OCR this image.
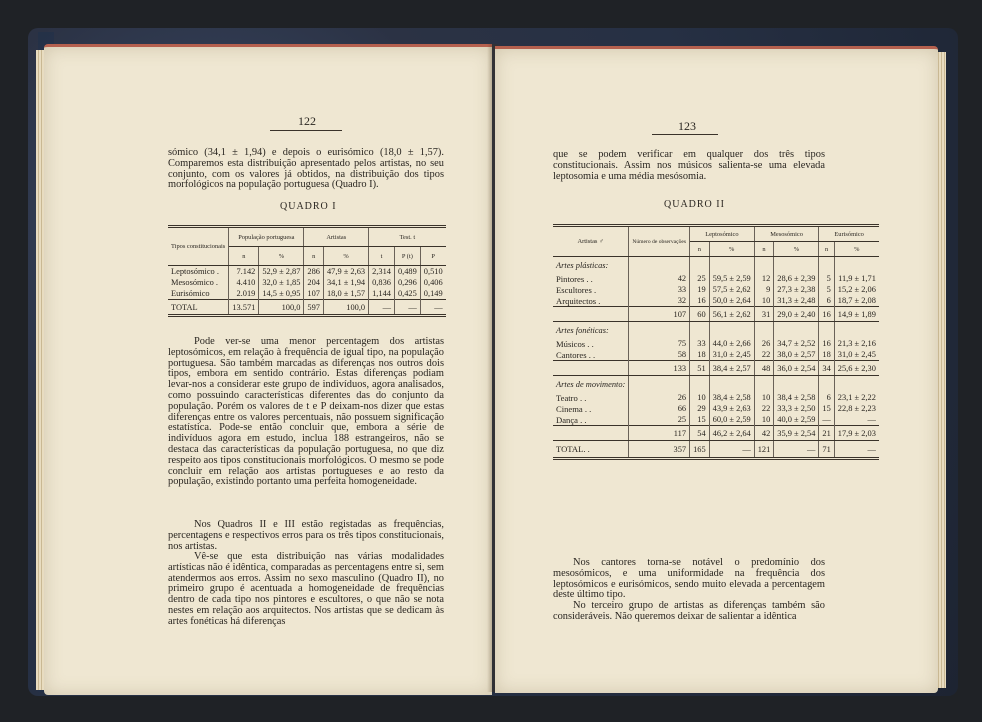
122
sómico (34,1 ± 1,94) e depois o eurisómico (18,0 ± 1,57). Comparemos esta distribuição apresentado pelos artistas, no seu conjunto, com os valores já obtidos, na distribuição dos tipos morfológicos na população portuguesa (Quadro I).
QUADRO I
Tipos constitucionais	População portuguesa		Artistas		Test. t		
	n	%	n	%	t	P (t)	P
Leptosómico .	7.142	52,9 ± 2,87	286	47,9 ± 2,63	2,314	0,489	0,510
Mesosómico .	4.410	32,0 ± 1,85	204	34,1 ± 1,94	0,836	0,296	0,406
Eurisómico	2.019	14,5 ± 0,95	107	18,0 ± 1,57	1,144	0,425	0,149
TOTAL	13.571	100,0	597	100,0	—	—	—
Pode ver-se uma menor percentagem dos artistas leptosómicos, em relação à frequência de igual tipo, na população portuguesa. São também marcadas as diferenças nos outros dois tipos, embora em sentido contrário. Estas diferenças podiam levar-nos a considerar este grupo de indivíduos, agora analisados, como possuindo características diferentes das do conjunto da população. Porém os valores de t e P deixam-nos dizer que estas diferenças entre os valores percentuais, não possuem significação estatística. Pode-se então concluir que, embora a série de indivíduos agora em estudo, inclua 188 estrangeiros, não se destaca das características da população portuguesa, no que diz respeito aos tipos constitucionais morfológicos. O mesmo se pode concluir em relação aos artistas portugueses e ao resto da população, existindo portanto uma perfeita homogeneidade.
Nos Quadros II e III estão registadas as frequências, percentagens e respectivos erros para os três tipos constitucionais, nos artistas.
Vê-se que esta distribuição nas várias modalidades artísticas não é idêntica, comparadas as percentagens entre si, sem atendermos aos erros. Assim no sexo masculino (Quadro II), no primeiro grupo é acentuada a homogeneidade de frequências dentro de cada tipo nos pintores e escultores, o que não se nota nestes em relação aos arquitectos. Nos artistas que se dedicam às artes fonéticas há diferenças
123
que se podem verificar em qualquer dos três tipos constitucionais. Assim nos músicos salienta-se uma elevada leptosomia e uma média mesósomia.
QUADRO II
Artistas ♂	Número de observações	Leptosómico		Mesosómico		Eurisómico	
		n	%	n	%	n	%
Artes plásticas:							
Pintores . .	42	25	59,5 ± 2,59	12	28,6 ± 2,39	5	11,9 ± 1,71
Escultores .	33	19	57,5 ± 2,62	9	27,3 ± 2,38	5	15,2 ± 2,06
Arquitectos .	32	16	50,0 ± 2,64	10	31,3 ± 2,48	6	18,7 ± 2,08
	107	60	56,1 ± 2,62	31	29,0 ± 2,40	16	14,9 ± 1,89
Artes fonéticas:							
Músicos . .	75	33	44,0 ± 2,66	26	34,7 ± 2,52	16	21,3 ± 2,16
Cantores . .	58	18	31,0 ± 2,45	22	38,0 ± 2,57	18	31,0 ± 2,45
	133	51	38,4 ± 2,57	48	36,0 ± 2,54	34	25,6 ± 2,30
Artes de movimento:							
Teatro . .	26	10	38,4 ± 2,58	10	38,4 ± 2,58	6	23,1 ± 2,22
Cinema . .	66	29	43,9 ± 2,63	22	33,3 ± 2,50	15	22,8 ± 2,23
Dança . .	25	15	60,0 ± 2,59	10	40,0 ± 2,59	—	—
	117	54	46,2 ± 2,64	42	35,9 ± 2,54	21	17,9 ± 2,03
TOTAL. .	357	165	—	121	—	71	—
Nos cantores torna-se notável o predomínio dos mesosómicos, e uma uniformidade na frequência dos leptosómicos e eurisómicos, sendo muito elevada a percentagem deste último tipo.
No terceiro grupo de artistas as diferenças também são consideráveis. Não queremos deixar de salientar a idêntica
